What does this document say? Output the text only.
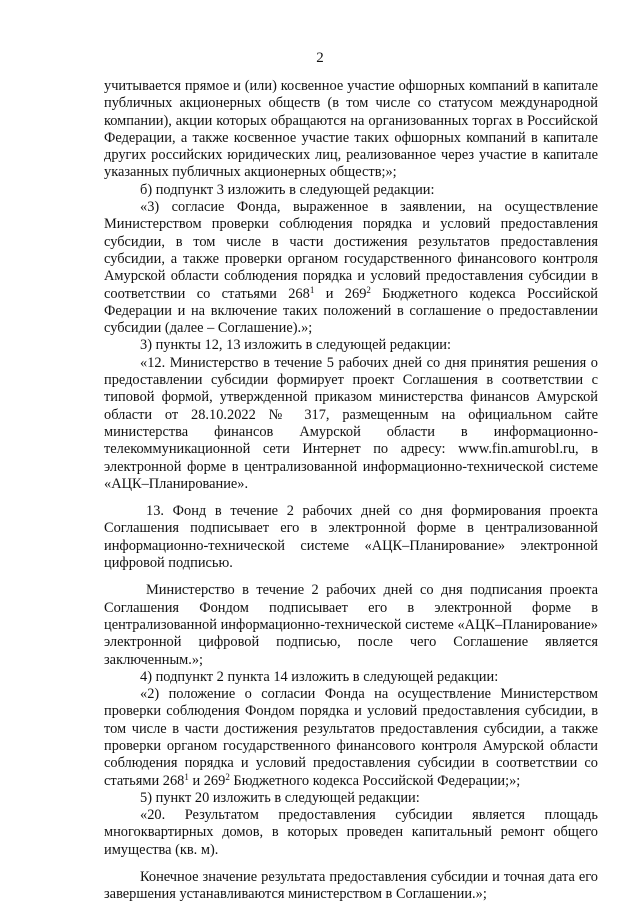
2

учитывается прямое и (или) косвенное участие офшорных компаний в капитале публичных акционерных обществ (в том числе со статусом международной компании), акции которых обращаются на организованных торгах в Российской Федерации, а также косвенное участие таких офшорных компаний в капитале других российских юридических лиц, реализованное через участие в капитале указанных публичных акционерных обществ;»;

б) подпункт 3 изложить в следующей редакции:

«3) согласие Фонда, выраженное в заявлении, на осуществление Министерством проверки соблюдения порядка и условий предоставления субсидии, в том числе в части достижения результатов предоставления субсидии, а также проверки органом государственного финансового контроля Амурской области соблюдения порядка и условий предоставления субсидии в соответствии со статьями $268^1$ и $269^2$ Бюджетного кодекса Российской Федерации и на включение таких положений в соглашение о предоставлении субсидии (далее – Соглашение).»;

3) пункты 12, 13 изложить в следующей редакции:

«12. Министерство в течение 5 рабочих дней со дня принятия решения о предоставлении субсидии формирует проект Соглашения в соответствии с типовой формой, утвержденной приказом министерства финансов Амурской области от 28.10.2022 № 317, размещенным на официальном сайте министерства финансов Амурской области в информационно-телекоммуникационной сети Интернет по адресу: www.fin.amurobl.ru, в электронной форме в централизованной информационно-технической системе «АЦК–Планирование».

13. Фонд в течение 2 рабочих дней со дня формирования проекта Соглашения подписывает его в электронной форме в централизованной информационно-технической системе «АЦК–Планирование» электронной цифровой подписью.

Министерство в течение 2 рабочих дней со дня подписания проекта Соглашения Фондом подписывает его в электронной форме в централизованной информационно-технической системе «АЦК–Планирование» электронной цифровой подписью, после чего Соглашение является заключенным.»;

4) подпункт 2 пункта 14 изложить в следующей редакции:

«2) положение о согласии Фонда на осуществление Министерством проверки соблюдения Фондом порядка и условий предоставления субсидии, в том числе в части достижения результатов предоставления субсидии, а также проверки органом государственного финансового контроля Амурской области соблюдения порядка и условий предоставления субсидии в соответствии со статьями $268^1$ и $269^2$ Бюджетного кодекса Российской Федерации;»;

5) пункт 20 изложить в следующей редакции:

«20. Результатом предоставления субсидии является площадь многоквартирных домов, в которых проведен капитальный ремонт общего имущества (кв. м).

Конечное значение результата предоставления субсидии и точная дата его завершения устанавливаются министерством в Соглашении.»;
